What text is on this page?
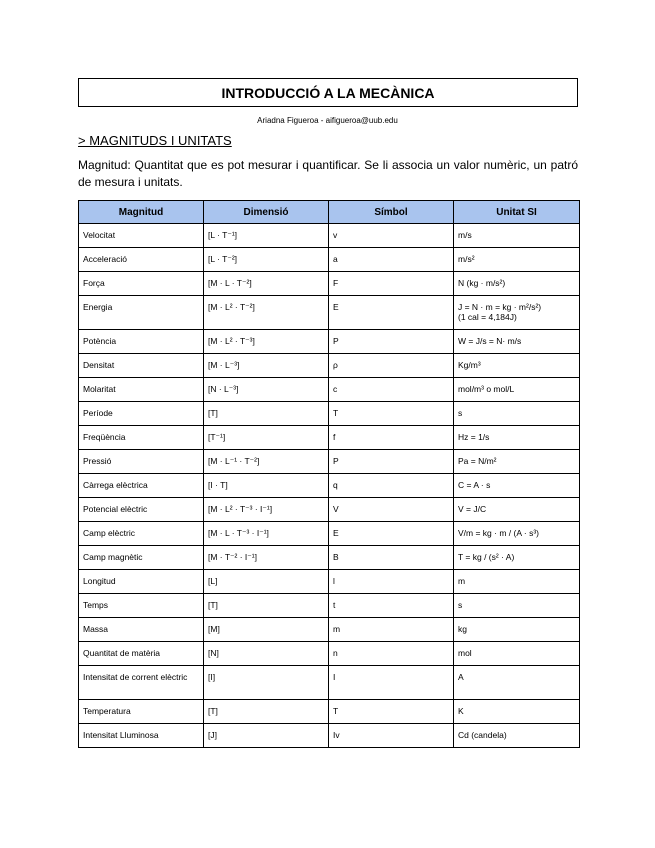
INTRODUCCIÓ A LA MECÀNICA
Ariadna Figueroa - aifigueroa@uub.edu
> MAGNITUDS I UNITATS
Magnitud: Quantitat que es pot mesurar i quantificar. Se li associa un valor numèric, un patró de mesura i unitats.
Magnitud	Dimensió	Símbol	Unitat SI
Velocitat	[L · T⁻¹]	v	m/s

Acceleració	[L · T⁻²]	a	m/s²

Força	[M · L · T⁻²]	F	N (kg · m/s²)

Energia	[M · L² · T⁻²]	E	J = N · m = kg · m²/s²)
(1 cal = 4,184J)

Potència	[M · L² · T⁻³]	P	W = J/s = N· m/s

Densitat	[M · L⁻³]	ρ	Kg/m³

Molaritat	[N · L⁻³]	c	mol/m³ o mol/L

Període	[T]	T	s

Freqüència	[T⁻¹]	f	Hz = 1/s

Pressió	[M · L⁻¹ · T⁻²]	P	Pa = N/m²

Càrrega elèctrica	[I · T]	q	C = A · s

Potencial elèctric	[M · L² · T⁻³ · I⁻¹]	V	V = J/C

Camp elèctric	[M · L · T⁻³ · I⁻¹]	E	V/m = kg · m / (A · s³)

Camp magnètic	[M · T⁻² · I⁻¹]	B	T = kg / (s² · A)

Longitud	[L]	l	m

Temps	[T]	t	s

Massa	[M]	m	kg

Quantitat de matèria	[N]	n	mol

Intensitat de corrent elèctric	[I]	I	A

Temperatura	[T]	T	K

Intensitat Lluminosa	[J]	Iv	Cd (candela)
